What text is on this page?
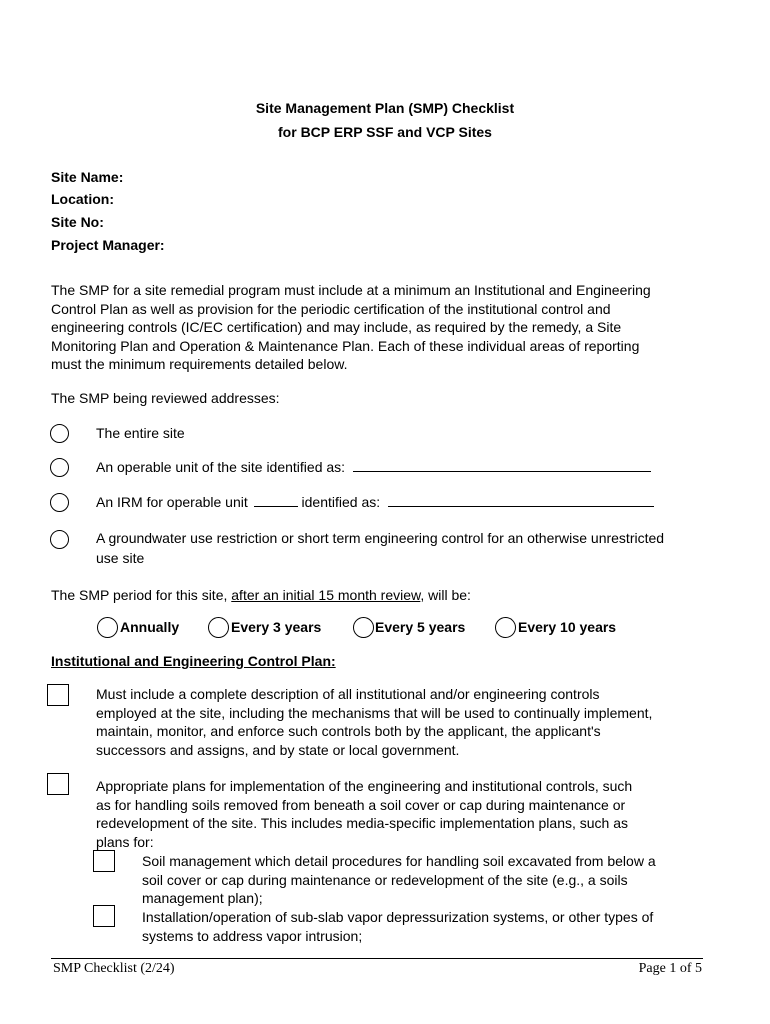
Site Management Plan (SMP) Checklist
for BCP ERP SSF and VCP Sites
Site Name:
Location:
Site No:
Project Manager:
The SMP for a site remedial program must include at a minimum an Institutional and Engineering
Control Plan as well as provision for the periodic certification of the institutional control and
engineering controls (IC/EC certification) and may include, as required by the remedy, a Site
Monitoring Plan and Operation & Maintenance Plan. Each of these individual areas of reporting
must the minimum requirements detailed below.
The SMP being reviewed addresses:
The entire site
An operable unit of the site identified as:
An IRM for operable unit	identified as:
A groundwater use restriction or short term engineering control for an otherwise unrestricted
use site
The SMP period for this site, after an initial 15 month review, will be:
Annually	Every 3 years	Every 5 years	Every 10 years
Institutional and Engineering Control Plan:
Must include a complete description of all institutional and/or engineering controls
employed at the site, including the mechanisms that will be used to continually implement,
maintain, monitor, and enforce such controls both by the applicant, the applicant's
successors and assigns, and by state or local government.
Appropriate plans for implementation of the engineering and institutional controls, such
as for handling soils removed from beneath a soil cover or cap during maintenance or
redevelopment of the site. This includes media-specific implementation plans, such as
plans for:
Soil management which detail procedures for handling soil excavated from below a
soil cover or cap during maintenance or redevelopment of the site (e.g., a soils
management plan);
Installation/operation of sub-slab vapor depressurization systems, or other types of
systems to address vapor intrusion;
SMP Checklist (2/24)	Page 1 of 5
